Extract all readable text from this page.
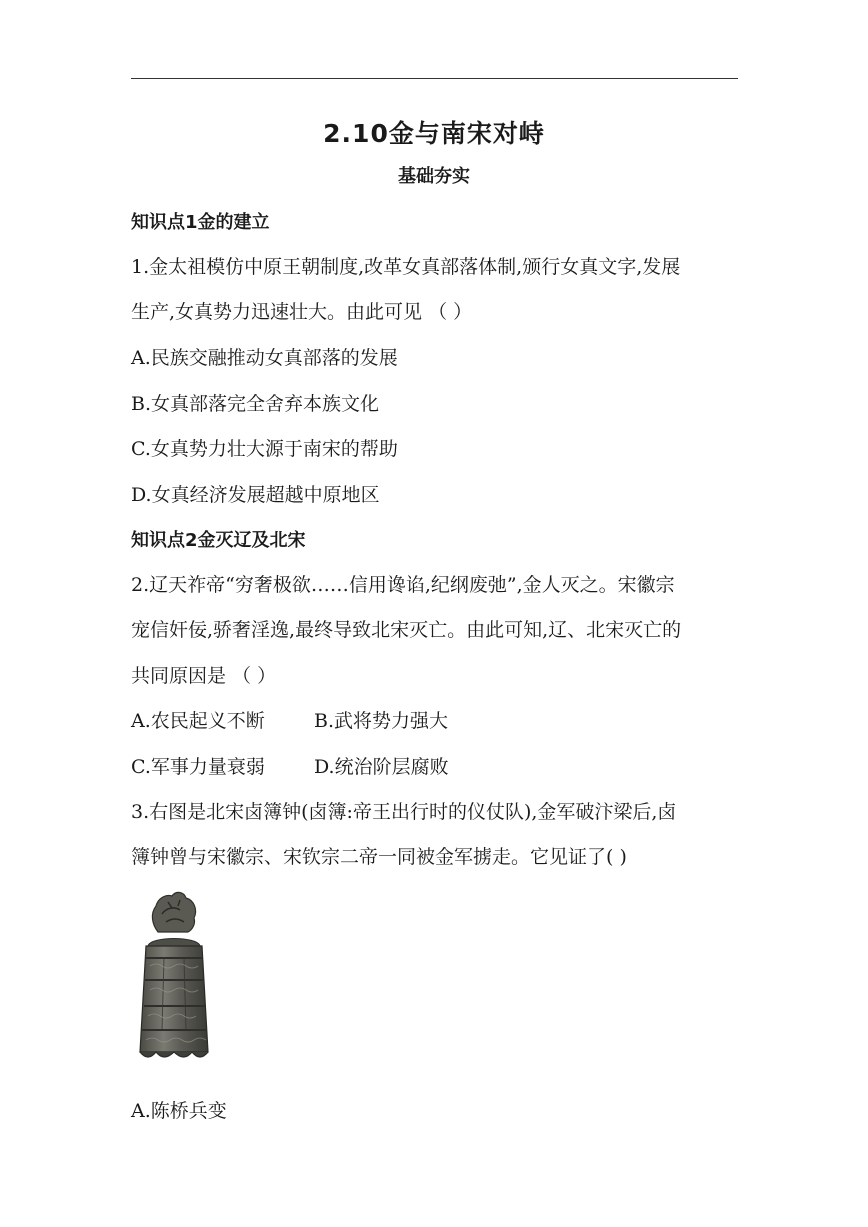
2.10金与南宋对峙
基础夯实
知识点1金的建立
1.金太祖模仿中原王朝制度,改革女真部落体制,颁行女真文字,发展
生产,女真势力迅速壮大。由此可见 （ ）
A.民族交融推动女真部落的发展
B.女真部落完全舍弃本族文化
C.女真势力壮大源于南宋的帮助
D.女真经济发展超越中原地区
知识点2金灭辽及北宋
2.辽天祚帝“穷奢极欲……信用谗谄,纪纲废弛”,金人灭之。宋徽宗
宠信奸佞,骄奢淫逸,最终导致北宋灭亡。由此可知,辽、北宋灭亡的
共同原因是 （ ）
A.农民起义不断	B.武将势力强大
C.军事力量衰弱	D.统治阶层腐败
3.右图是北宋卤簿钟(卤簿:帝王出行时的仪仗队),金军破汴梁后,卤
簿钟曾与宋徽宗、宋钦宗二帝一同被金军掳走。它见证了( )
A.陈桥兵变
